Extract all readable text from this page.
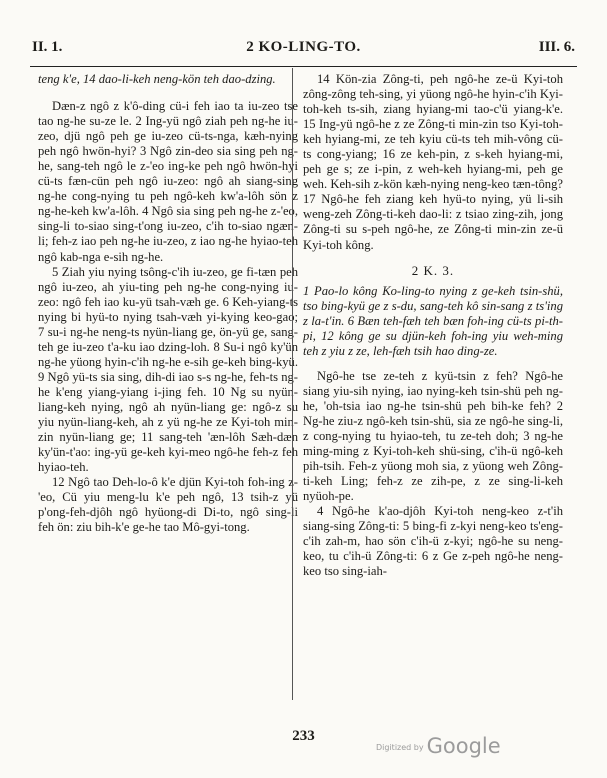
II. 1.	2 KO-LING-TO.	III. 6.

teng k'e, 14 dao-li-keh neng-kön teh dao-dzing.

Dæn-z ngô z k'ô-ding cü-i feh iao ta iu-zeo tse tao ng-he su-ze le. 2 Ing-yü ngô ziah peh ng-he iu-zeo, djü ngô peh ge iu-zeo cü-ts-nga, kæh-nying peh ngô hwön-hyi? 3 Ngô zin-deo sia sing peh ng-he, sang-teh ngô le z-'eo ing-ke peh ngô hwön-hyi cü-ts fæn-cün peh ngô iu-zeo: ngô ah siang-sing ng-he cong-nying tu peh ngô-keh kw'a-lôh sön z ng-he-keh kw'a-lôh. 4 Ngô sia sing peh ng-he z-'eo, sing-li to-siao sing-t'ong iu-zeo, c'ih to-siao ngæn-li; feh-z iao peh ng-he iu-zeo, z iao ng-he hyiao-teh ngô kab-nga e-sih ng-he.

5 Ziah yiu nying tsông-c'ih iu-zeo, ge fi-tæn peh ngô iu-zeo, ah yiu-ting peh ng-he cong-nying iu-zeo: ngô feh iao ku-yü tsah-væh ge. 6 Keh-yiang-ts nying bi hyü-to nying tsah-væh yi-kying keo-gao; 7 su-i ng-he neng-ts nyün-liang ge, ön-yü ge, sang-teh ge iu-zeo t'a-ku iao dzing-loh. 8 Su-i ngô ky'ün ng-he yüong hyin-c'ih ng-he e-sih ge-keh bing-kyü. 9 Ngô yü-ts sia sing, dih-di iao s-s ng-he, feh-ts ng-he k'eng yiang-yiang i-jing feh. 10 Ng su nyün-liang-keh nying, ngô ah nyün-liang ge: ngô-z su yiu nyün-liang-keh, ah z yü ng-he ze Kyi-toh min-zin nyün-liang ge; 11 sang-teh 'æn-lôh Sæh-dæn ky'ün-t'ao: ing-yü ge-keh kyi-meo ngô-he feh-z feh hyiao-teh.

12 Ngô tao Deh-lo-ô k'e djün Kyi-toh foh-ing z-'eo, Cü yiu meng-lu k'e peh ngô, 13 tsih-z yü p'ong-feh-djôh ngô hyüong-di Di-to, ngô sing-li feh ön: ziu bih-k'e ge-he tao Mô-gyi-tong.

14 Kön-zia Zông-ti, peh ngô-he ze-ü Kyi-toh zông-zông teh-sing, yi yüong ngô-he hyin-c'ih Kyi-toh-keh ts-sih, ziang hyiang-mi tao-c'ü yiang-k'e. 15 Ing-yü ngô-he z ze Zông-ti min-zin tso Kyi-toh-keh hyiang-mi, ze teh kyiu cü-ts teh mih-vông cü-ts cong-yiang; 16 ze keh-pin, z s-keh hyiang-mi, peh ge s; ze i-pin, z weh-keh hyiang-mi, peh ge weh. Keh-sih z-kön kæh-nying neng-keo tæn-tông? 17 Ngô-he feh ziang keh hyü-to nying, yü li-sih weng-zeh Zông-ti-keh dao-li: z tsiao zing-zih, jong Zông-ti su s-peh ngô-he, ze Zông-ti min-zin ze-ü Kyi-toh kông.

2 K. 3.

1 Pao-lo kông Ko-ling-to nying z ge-keh tsin-shü, tso bing-kyü ge z s-du, sang-teh kô sin-sang z ts'ing z la-t'in. 6 Bæn teh-fæh teh bæn foh-ing cü-ts pi-th-pi, 12 kông ge su djün-keh foh-ing yiu weh-ming teh z yiu z ze, leh-fæh tsih hao ding-ze.

Ngô-he tse ze-teh z kyü-tsin z feh? Ngô-he siang yiu-sih nying, iao nying-keh tsin-shü peh ng-he, 'oh-tsia iao ng-he tsin-shü peh bih-ke feh? 2 Ng-he ziu-z ngô-keh tsin-shü, sia ze ngô-he sing-li, z cong-nying tu hyiao-teh, tu ze-teh doh; 3 ng-he ming-ming z Kyi-toh-keh shü-sing, c'ih-ü ngô-keh pih-tsih. Feh-z yüong moh sia, z yüong weh Zông-ti-keh Ling; feh-z ze zih-pe, z ze sing-li-keh nyüoh-pe.

4 Ngô-he k'ao-djôh Kyi-toh neng-keo z-t'ih siang-sing Zông-ti: 5 bing-fi z-kyi neng-keo ts'eng-c'ih zah-m, hao sön c'ih-ü z-kyi; ngô-he su neng-keo, tu c'ih-ü Zông-ti: 6 z Ge z-peh ngô-he neng-keo tso sing-iah-

233
Digitized by Google
